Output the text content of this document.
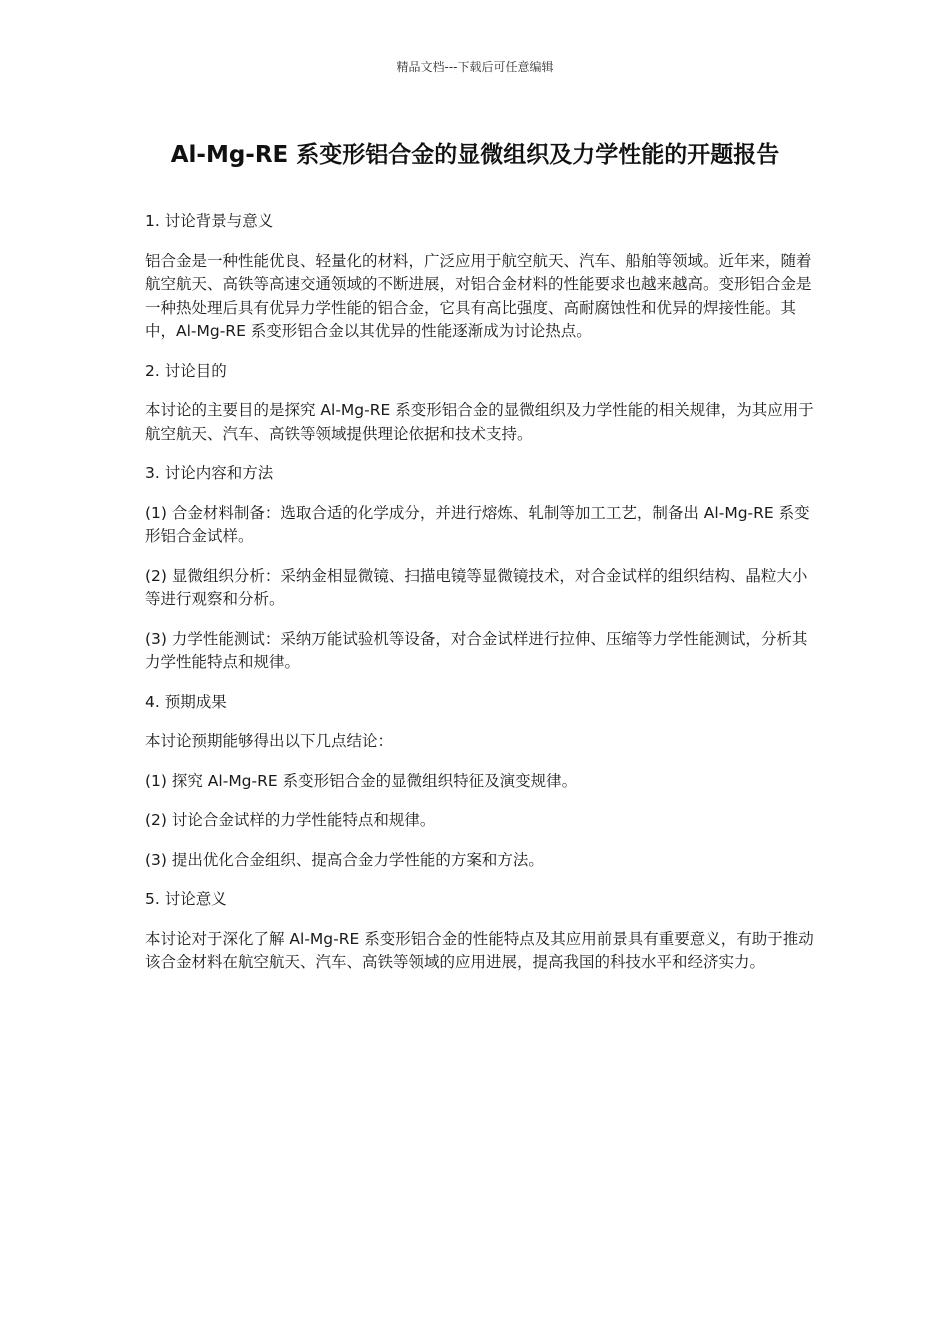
精品文档---下载后可任意编辑
Al-Mg-RE 系变形铝合金的显微组织及力学性能的开题报告
1. 讨论背景与意义

铝合金是一种性能优良、轻量化的材料，广泛应用于航空航天、汽车、船舶等领域。近年来，随着航空航天、高铁等高速交通领域的不断进展，对铝合金材料的性能要求也越来越高。变形铝合金是一种热处理后具有优异力学性能的铝合金，它具有高比强度、高耐腐蚀性和优异的焊接性能。其中，Al-Mg-RE 系变形铝合金以其优异的性能逐渐成为讨论热点。

2. 讨论目的

本讨论的主要目的是探究 Al-Mg-RE 系变形铝合金的显微组织及力学性能的相关规律，为其应用于航空航天、汽车、高铁等领域提供理论依据和技术支持。

3. 讨论内容和方法

(1) 合金材料制备：选取合适的化学成分，并进行熔炼、轧制等加工工艺，制备出 Al-Mg-RE 系变形铝合金试样。

(2) 显微组织分析：采纳金相显微镜、扫描电镜等显微镜技术，对合金试样的组织结构、晶粒大小等进行观察和分析。

(3) 力学性能测试：采纳万能试验机等设备，对合金试样进行拉伸、压缩等力学性能测试，分析其力学性能特点和规律。

4. 预期成果

本讨论预期能够得出以下几点结论：

(1) 探究 Al-Mg-RE 系变形铝合金的显微组织特征及演变规律。

(2) 讨论合金试样的力学性能特点和规律。

(3) 提出优化合金组织、提高合金力学性能的方案和方法。

5. 讨论意义

本讨论对于深化了解 Al-Mg-RE 系变形铝合金的性能特点及其应用前景具有重要意义，有助于推动该合金材料在航空航天、汽车、高铁等领域的应用进展，提高我国的科技水平和经济实力。
